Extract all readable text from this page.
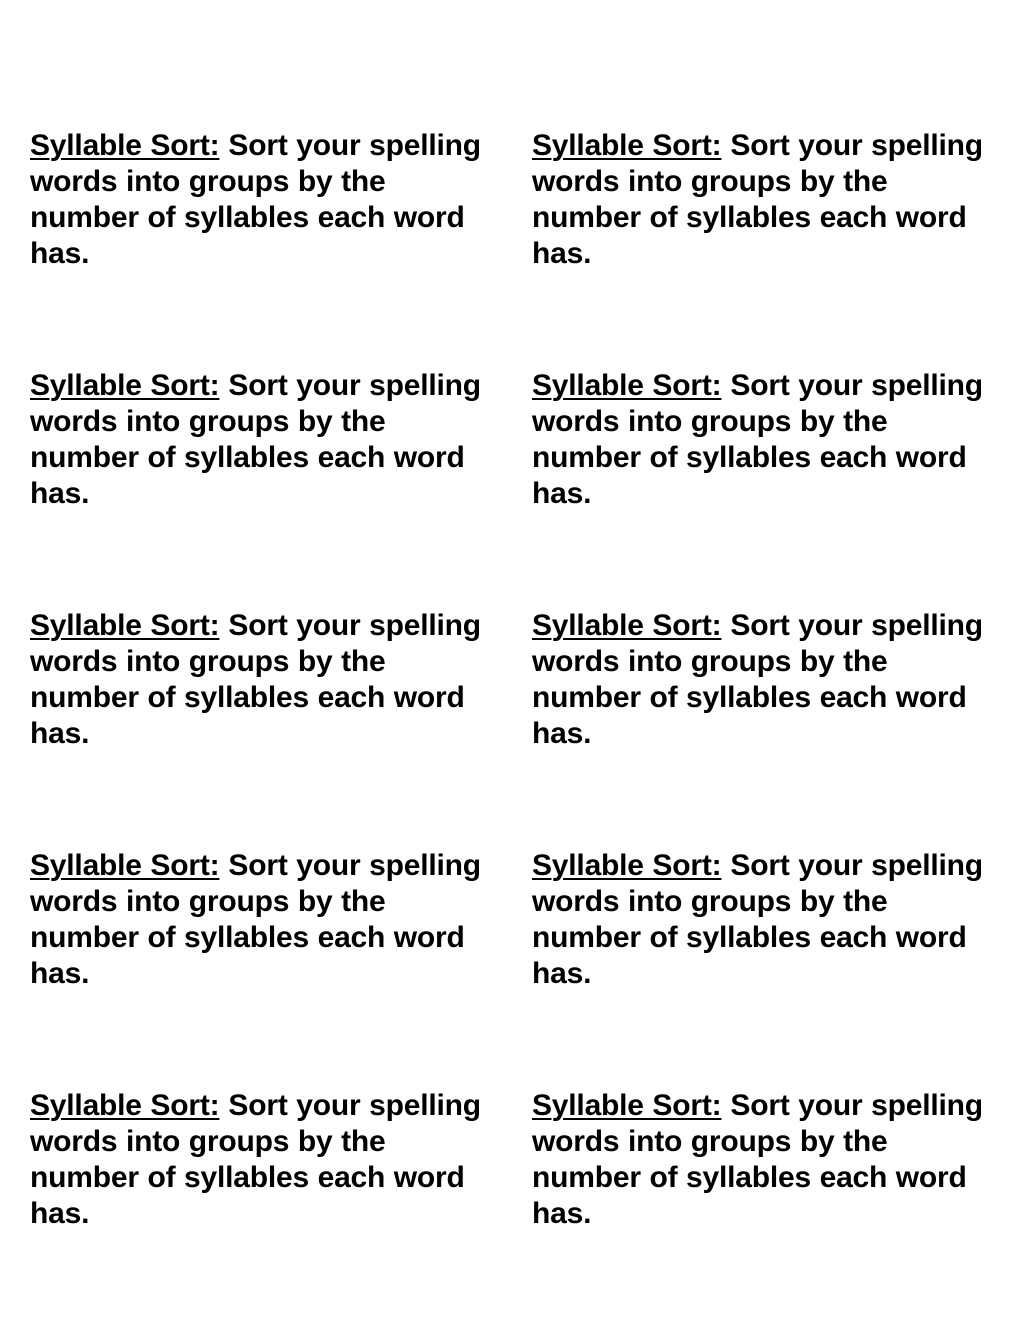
Syllable Sort: Sort your spelling words into groups by the number of syllables each word has.

Syllable Sort: Sort your spelling words into groups by the number of syllables each word has.

Syllable Sort: Sort your spelling words into groups by the number of syllables each word has.

Syllable Sort: Sort your spelling words into groups by the number of syllables each word has.

Syllable Sort: Sort your spelling words into groups by the number of syllables each word has.

Syllable Sort: Sort your spelling words into groups by the number of syllables each word has.

Syllable Sort: Sort your spelling words into groups by the number of syllables each word has.

Syllable Sort: Sort your spelling words into groups by the number of syllables each word has.

Syllable Sort: Sort your spelling words into groups by the number of syllables each word has.

Syllable Sort: Sort your spelling words into groups by the number of syllables each word has.
